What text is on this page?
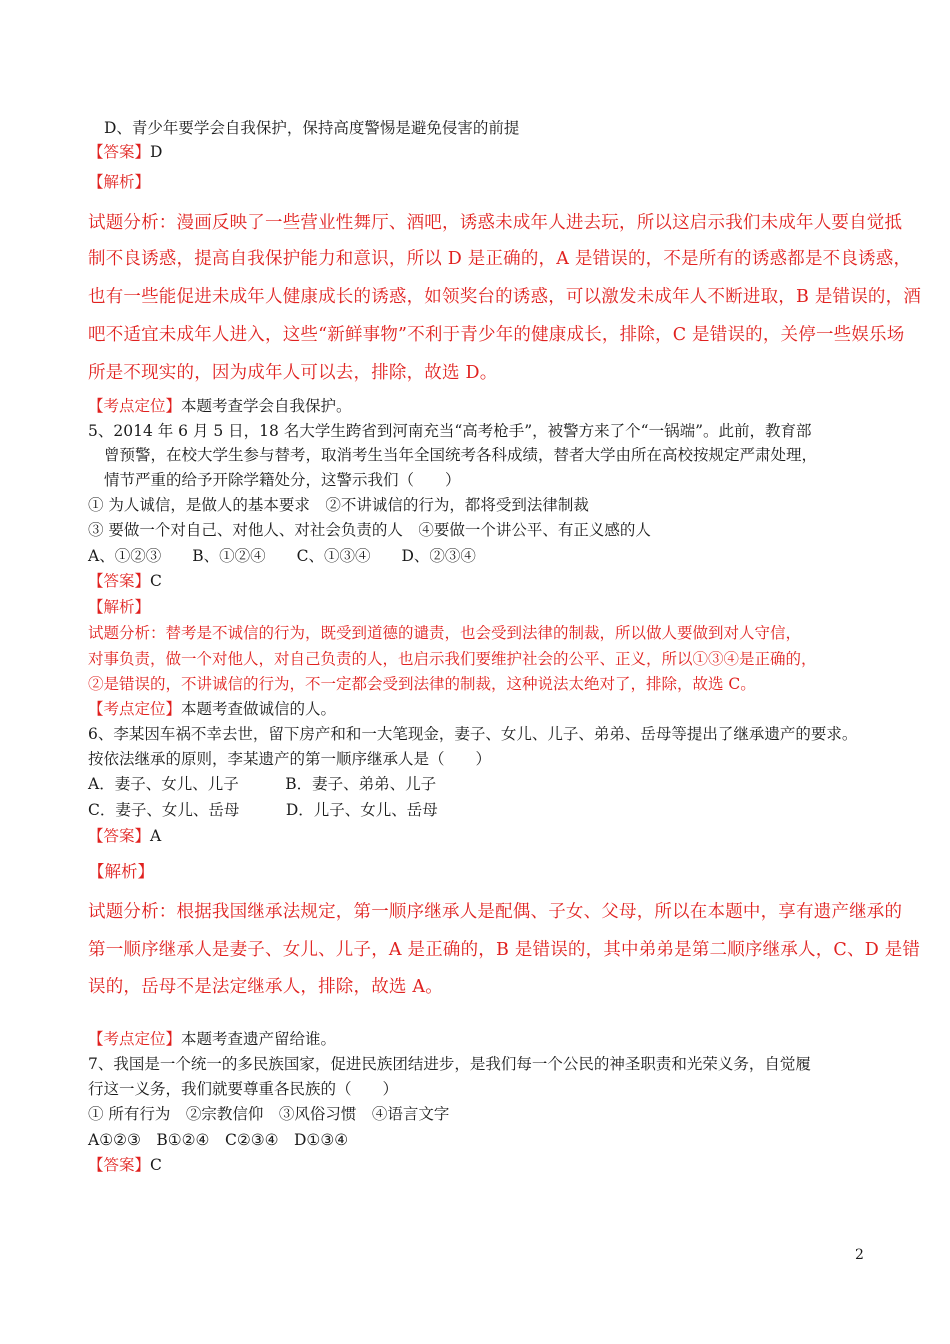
D、青少年要学会自我保护，保持高度警惕是避免侵害的前提
【答案】D
【解析】
试题分析：漫画反映了一些营业性舞厅、酒吧，诱惑未成年人进去玩，所以这启示我们未成年人要自觉抵
制不良诱惑，提高自我保护能力和意识，所以 D 是正确的，A 是错误的，不是所有的诱惑都是不良诱惑，
也有一些能促进未成年人健康成长的诱惑，如领奖台的诱惑，可以激发未成年人不断进取，B 是错误的，酒
吧不适宜未成年人进入，这些“新鲜事物”不利于青少年的健康成长，排除，C 是错误的，关停一些娱乐场
所是不现实的，因为成年人可以去，排除，故选 D。
【考点定位】本题考查学会自我保护。
5、2014 年 6 月 5 日，18 名大学生跨省到河南充当“高考枪手”，被警方来了个“一锅端”。此前，教育部
曾预警，在校大学生参与替考，取消考生当年全国统考各科成绩，替者大学由所在高校按规定严肃处理，
情节严重的给予开除学籍处分，这警示我们（　　）
① 为人诚信，是做人的基本要求　②不讲诚信的行为，都将受到法律制裁
③ 要做一个对自己、对他人、对社会负责的人　④要做一个讲公平、有正义感的人
A、①②③　　B、①②④　　C、①③④　　D、②③④
【答案】C
【解析】
试题分析：替考是不诚信的行为，既受到道德的谴责，也会受到法律的制裁，所以做人要做到对人守信，
对事负责，做一个对他人，对自己负责的人，也启示我们要维护社会的公平、正义，所以①③④是正确的，
②是错误的，不讲诚信的行为，不一定都会受到法律的制裁，这种说法太绝对了，排除，故选 C。
【考点定位】本题考查做诚信的人。
6、李某因车祸不幸去世，留下房产和和一大笔现金，妻子、女儿、儿子、弟弟、岳母等提出了继承遗产的要求。
按依法继承的原则，李某遗产的第一顺序继承人是（　　）
A．妻子、女儿、儿子　　　B．妻子、弟弟、儿子
C．妻子、女儿、岳母　　　D．儿子、女儿、岳母
【答案】A
【解析】
试题分析：根据我国继承法规定，第一顺序继承人是配偶、子女、父母，所以在本题中，享有遗产继承的
第一顺序继承人是妻子、女儿、儿子，A 是正确的，B 是错误的，其中弟弟是第二顺序继承人，C、D 是错
误的，岳母不是法定继承人，排除，故选 A。
【考点定位】本题考查遗产留给谁。
7、我国是一个统一的多民族国家，促进民族团结进步，是我们每一个公民的神圣职责和光荣义务，自觉履
行这一义务，我们就要尊重各民族的（　　）
① 所有行为　②宗教信仰　③风俗习惯　④语言文字
A①②③　B①②④　C②③④　D①③④
【答案】C
2
